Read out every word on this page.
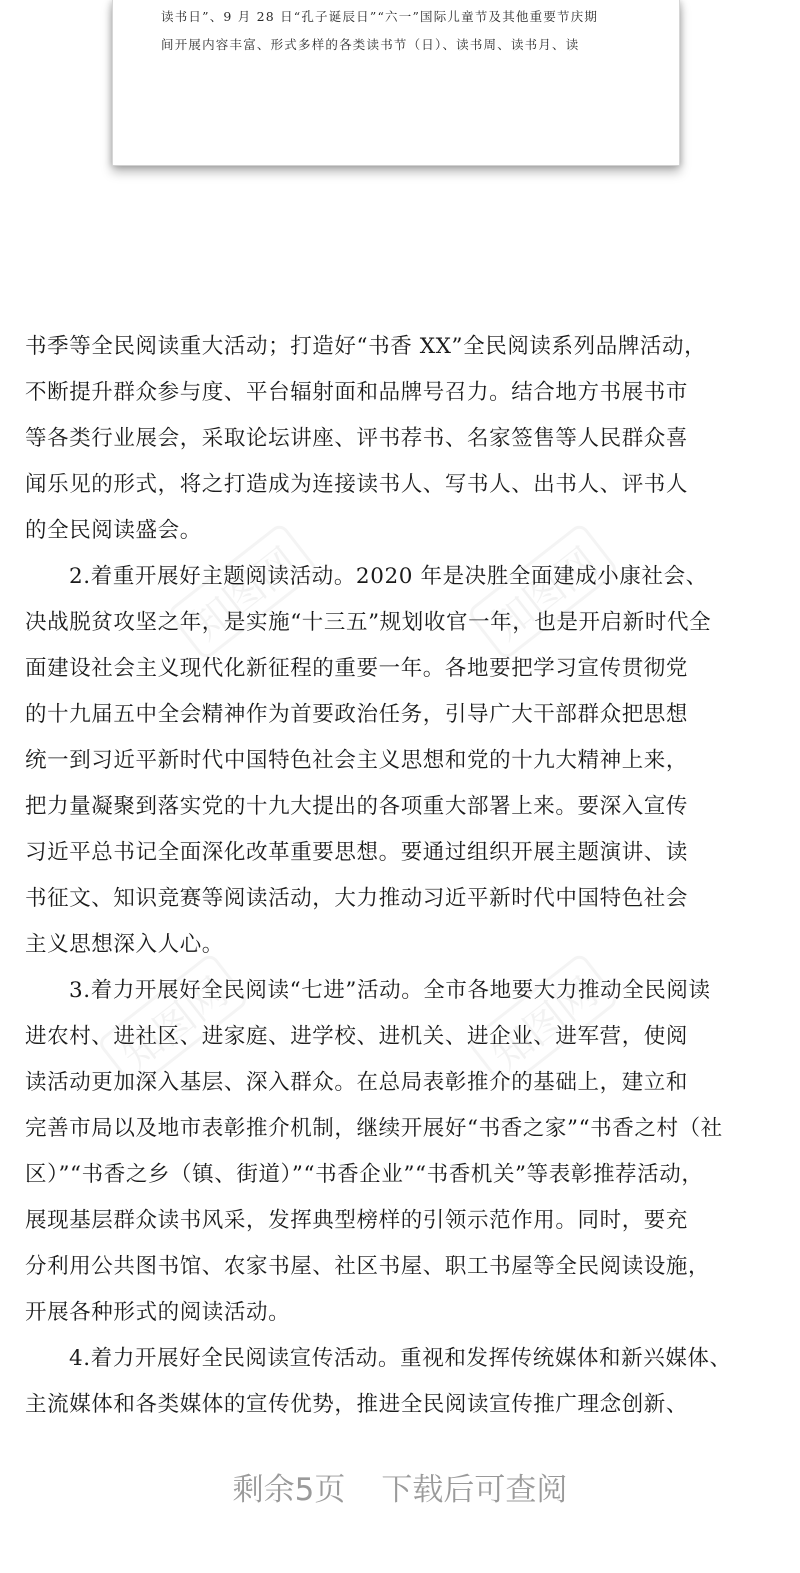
读书日”、9 月 28 日“孔子诞辰日”“六一”国际儿童节及其他重要节庆期
间开展内容丰富、形式多样的各类读书节（日）、读书周、读书月、读
知图网	知图网
知图网	知图网
书季等全民阅读重大活动；打造好“书香 XX”全民阅读系列品牌活动，
不断提升群众参与度、平台辐射面和品牌号召力。结合地方书展书市
等各类行业展会，采取论坛讲座、评书荐书、名家签售等人民群众喜
闻乐见的形式，将之打造成为连接读书人、写书人、出书人、评书人
的全民阅读盛会。
2.着重开展好主题阅读活动。2020 年是决胜全面建成小康社会、
决战脱贫攻坚之年，是实施“十三五”规划收官一年，也是开启新时代全
面建设社会主义现代化新征程的重要一年。各地要把学习宣传贯彻党
的十九届五中全会精神作为首要政治任务，引导广大干部群众把思想
统一到习近平新时代中国特色社会主义思想和党的十九大精神上来，
把力量凝聚到落实党的十九大提出的各项重大部署上来。要深入宣传
习近平总书记全面深化改革重要思想。要通过组织开展主题演讲、读
书征文、知识竞赛等阅读活动，大力推动习近平新时代中国特色社会
主义思想深入人心。
3.着力开展好全民阅读“七进”活动。全市各地要大力推动全民阅读
进农村、进社区、进家庭、进学校、进机关、进企业、进军营，使阅
读活动更加深入基层、深入群众。在总局表彰推介的基础上，建立和
完善市局以及地市表彰推介机制，继续开展好“书香之家”“书香之村（社
区）”“书香之乡（镇、街道）”“书香企业”“书香机关”等表彰推荐活动，
展现基层群众读书风采，发挥典型榜样的引领示范作用。同时，要充
分利用公共图书馆、农家书屋、社区书屋、职工书屋等全民阅读设施，
开展各种形式的阅读活动。
4.着力开展好全民阅读宣传活动。重视和发挥传统媒体和新兴媒体、
主流媒体和各类媒体的宣传优势，推进全民阅读宣传推广理念创新、
剩余5页 下载后可查阅
